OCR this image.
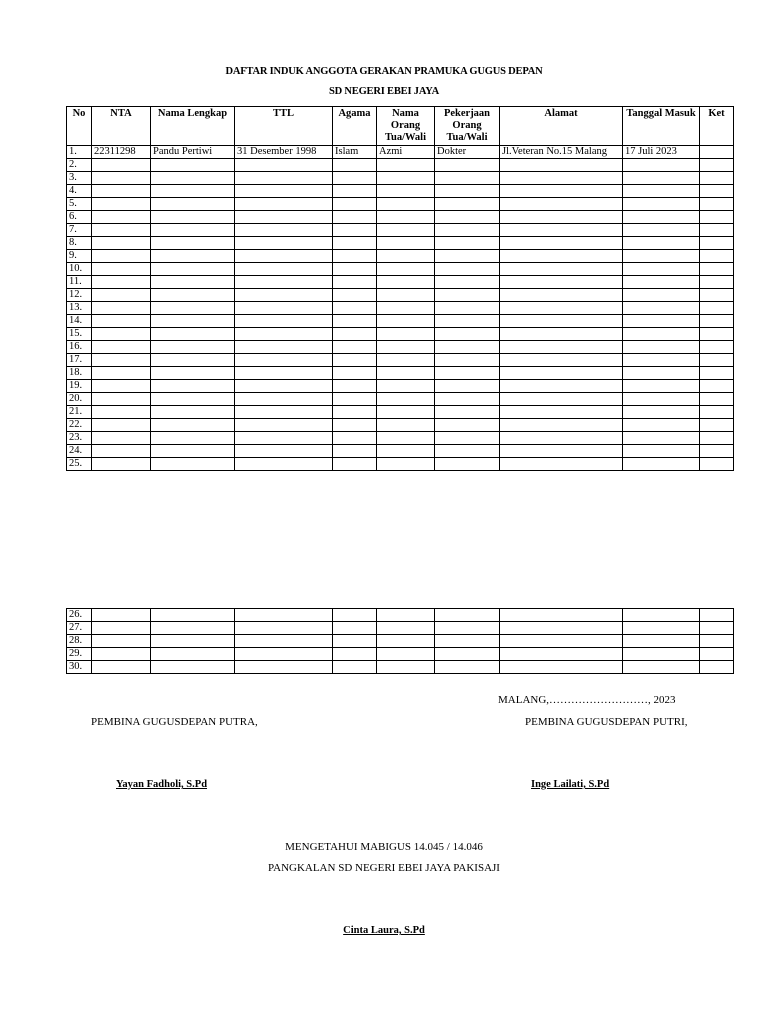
DAFTAR INDUK ANGGOTA GERAKAN PRAMUKA GUGUS DEPAN
SD NEGERI EBEI JAYA
No	NTA	Nama Lengkap	TTL	Agama	Nama Orang Tua/Wali	Pekerjaan Orang Tua/Wali	Alamat	Tanggal Masuk	Ket
1.	22311298	Pandu Pertiwi	31 Desember 1998	Islam	Azmi	Dokter	Jl.Veteran No.15 Malang	17 Juli 2023	
2.									
3.									
4.									
5.									
6.									
7.									
8.									
9.									
10.									
11.									
12.									
13.									
14.									
15.									
16.									
17.									
18.									
19.									
20.									
21.									
22.									
23.									
24.									
25.									
26.									
27.									
28.									
29.									
30.									
MALANG,………………………, 2023
PEMBINA GUGUSDEPAN PUTRA,	PEMBINA GUGUSDEPAN PUTRI,
Yayan Fadholi, S.Pd	Inge Lailati, S.Pd
MENGETAHUI MABIGUS 14.045 / 14.046
PANGKALAN SD NEGERI EBEI JAYA PAKISAJI
Cinta Laura, S.Pd
